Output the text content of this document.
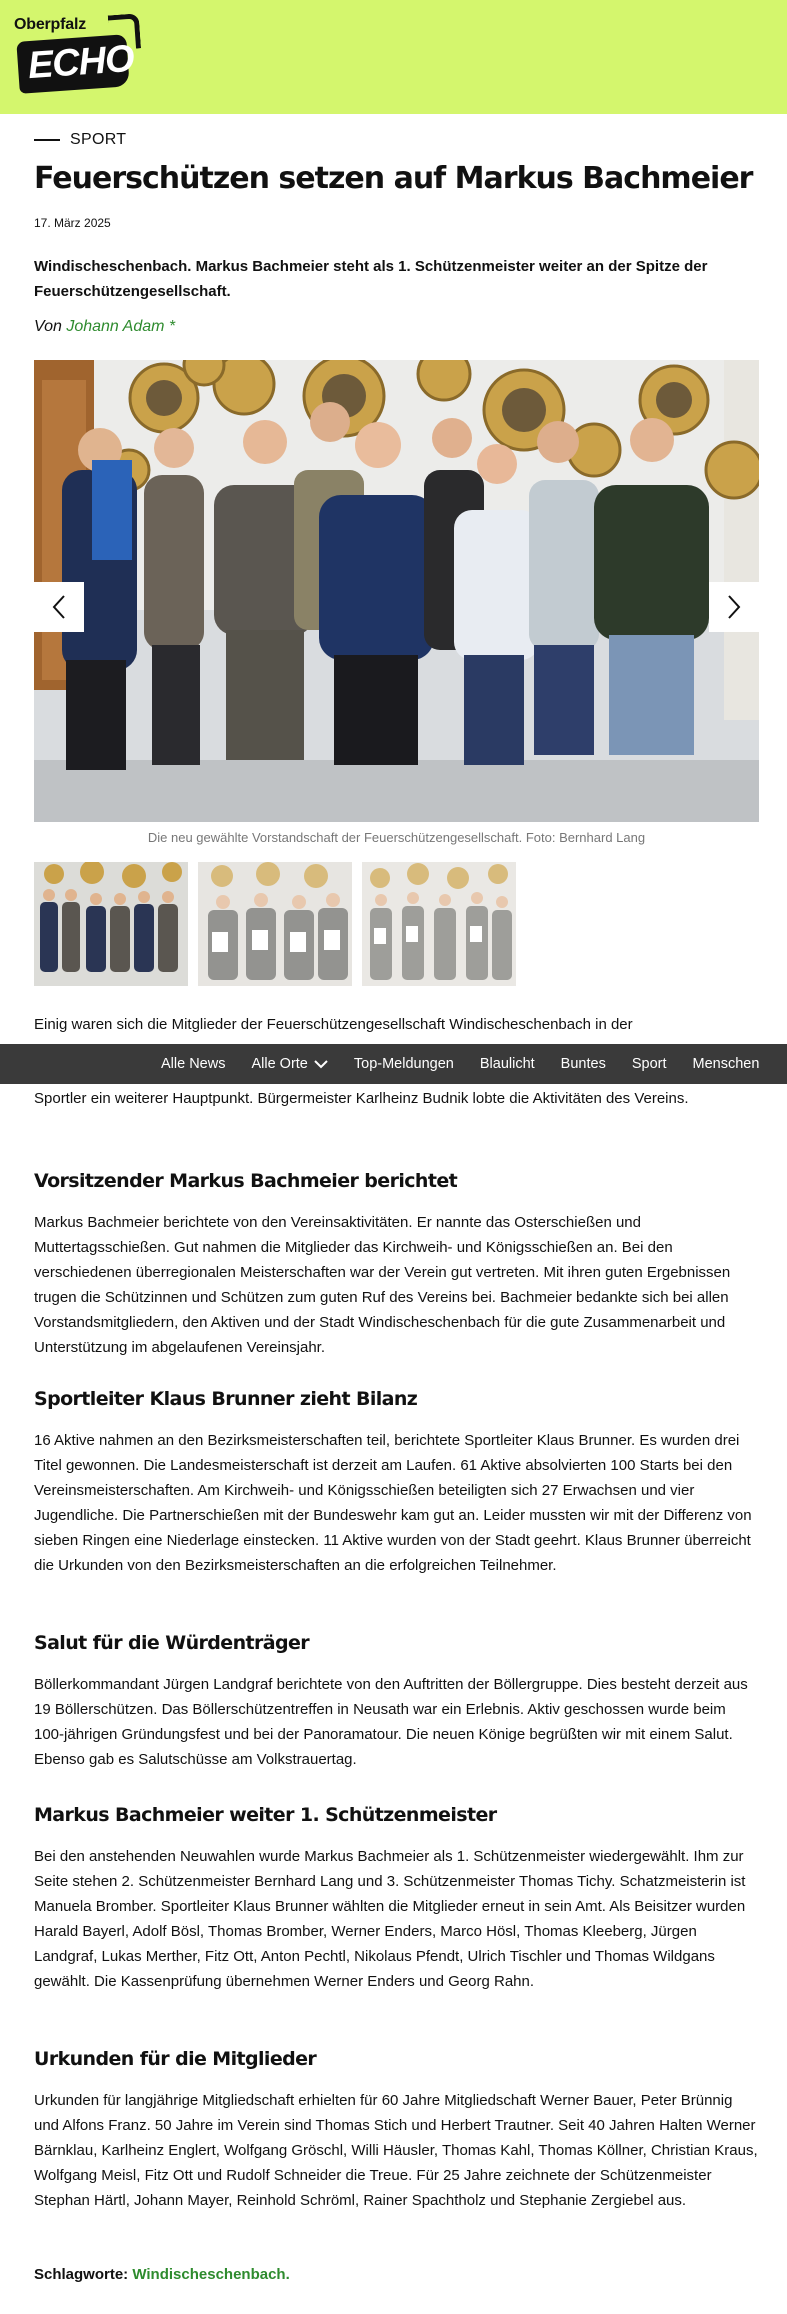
Oberpfalz
ECHO
SPORT
Feuerschützen setzen auf Markus Bachmeier
17. März 2025

Windischeschenbach. Markus Bachmeier steht als 1. Schützenmeister weiter an der Spitze der Feuerschützengesellschaft.

Von Johann Adam *

Die neu gewählte Vorstandschaft der Feuerschützengesellschaft. Foto: Bernhard Lang

Einig waren sich die Mitglieder der Feuerschützengesellschaft Windischeschenbach in der

Alle News Alle Orte	Top-Meldungen Blaulicht Buntes Sport Menschen

Sportler ein weiterer Hauptpunkt. Bürgermeister Karlheinz Budnik lobte die Aktivitäten des Vereins.

Vorsitzender Markus Bachmeier berichtet

Markus Bachmeier berichtete von den Vereinsaktivitäten. Er nannte das Osterschießen und Muttertagsschießen. Gut nahmen die Mitglieder das Kirchweih- und Königsschießen an. Bei den verschiedenen überregionalen Meisterschaften war der Verein gut vertreten. Mit ihren guten Ergebnissen trugen die Schützinnen und Schützen zum guten Ruf des Vereins bei. Bachmeier bedankte sich bei allen Vorstandsmitgliedern, den Aktiven und der Stadt Windischeschenbach für die gute Zusammenarbeit und Unterstützung im abgelaufenen Vereinsjahr.

Sportleiter Klaus Brunner zieht Bilanz

16 Aktive nahmen an den Bezirksmeisterschaften teil, berichtete Sportleiter Klaus Brunner. Es wurden drei Titel gewonnen. Die Landesmeisterschaft ist derzeit am Laufen. 61 Aktive absolvierten 100 Starts bei den Vereinsmeisterschaften. Am Kirchweih- und Königsschießen beteiligten sich 27 Erwachsen und vier Jugendliche. Die Partnerschießen mit der Bundeswehr kam gut an. Leider mussten wir mit der Differenz von sieben Ringen eine Niederlage einstecken. 11 Aktive wurden von der Stadt geehrt. Klaus Brunner überreicht die Urkunden von den Bezirksmeisterschaften an die erfolgreichen Teilnehmer.

Salut für die Würdenträger

Böllerkommandant Jürgen Landgraf berichtete von den Auftritten der Böllergruppe. Dies besteht derzeit aus 19 Böllerschützen. Das Böllerschützentreffen in Neusath war ein Erlebnis. Aktiv geschossen wurde beim 100-jährigen Gründungsfest und bei der Panoramatour. Die neuen Könige begrüßten wir mit einem Salut. Ebenso gab es Salutschüsse am Volkstrauertag.

Markus Bachmeier weiter 1. Schützenmeister

Bei den anstehenden Neuwahlen wurde Markus Bachmeier als 1. Schützenmeister wiedergewählt. Ihm zur Seite stehen 2. Schützenmeister Bernhard Lang und 3. Schützenmeister Thomas Tichy. Schatzmeisterin ist Manuela Bromber. Sportleiter Klaus Brunner wählten die Mitglieder erneut in sein Amt. Als Beisitzer wurden Harald Bayerl, Adolf Bösl, Thomas Bromber, Werner Enders, Marco Hösl, Thomas Kleeberg, Jürgen Landgraf, Lukas Merther, Fitz Ott, Anton Pechtl, Nikolaus Pfendt, Ulrich Tischler und Thomas Wildgans gewählt. Die Kassenprüfung übernehmen Werner Enders und Georg Rahn.

Urkunden für die Mitglieder

Urkunden für langjährige Mitgliedschaft erhielten für 60 Jahre Mitgliedschaft Werner Bauer, Peter Brünnig und Alfons Franz. 50 Jahre im Verein sind Thomas Stich und Herbert Trautner. Seit 40 Jahren Halten Werner Bärnklau, Karlheinz Englert, Wolfgang Gröschl, Willi Häusler, Thomas Kahl, Thomas Köllner, Christian Kraus, Wolfgang Meisl, Fitz Ott und Rudolf Schneider die Treue. Für 25 Jahre zeichnete der Schützenmeister Stephan Härtl, Johann Mayer, Reinhold Schröml, Rainer Spachtholz und Stephanie Zergiebel aus.

Schlagworte: Windischeschenbach.
